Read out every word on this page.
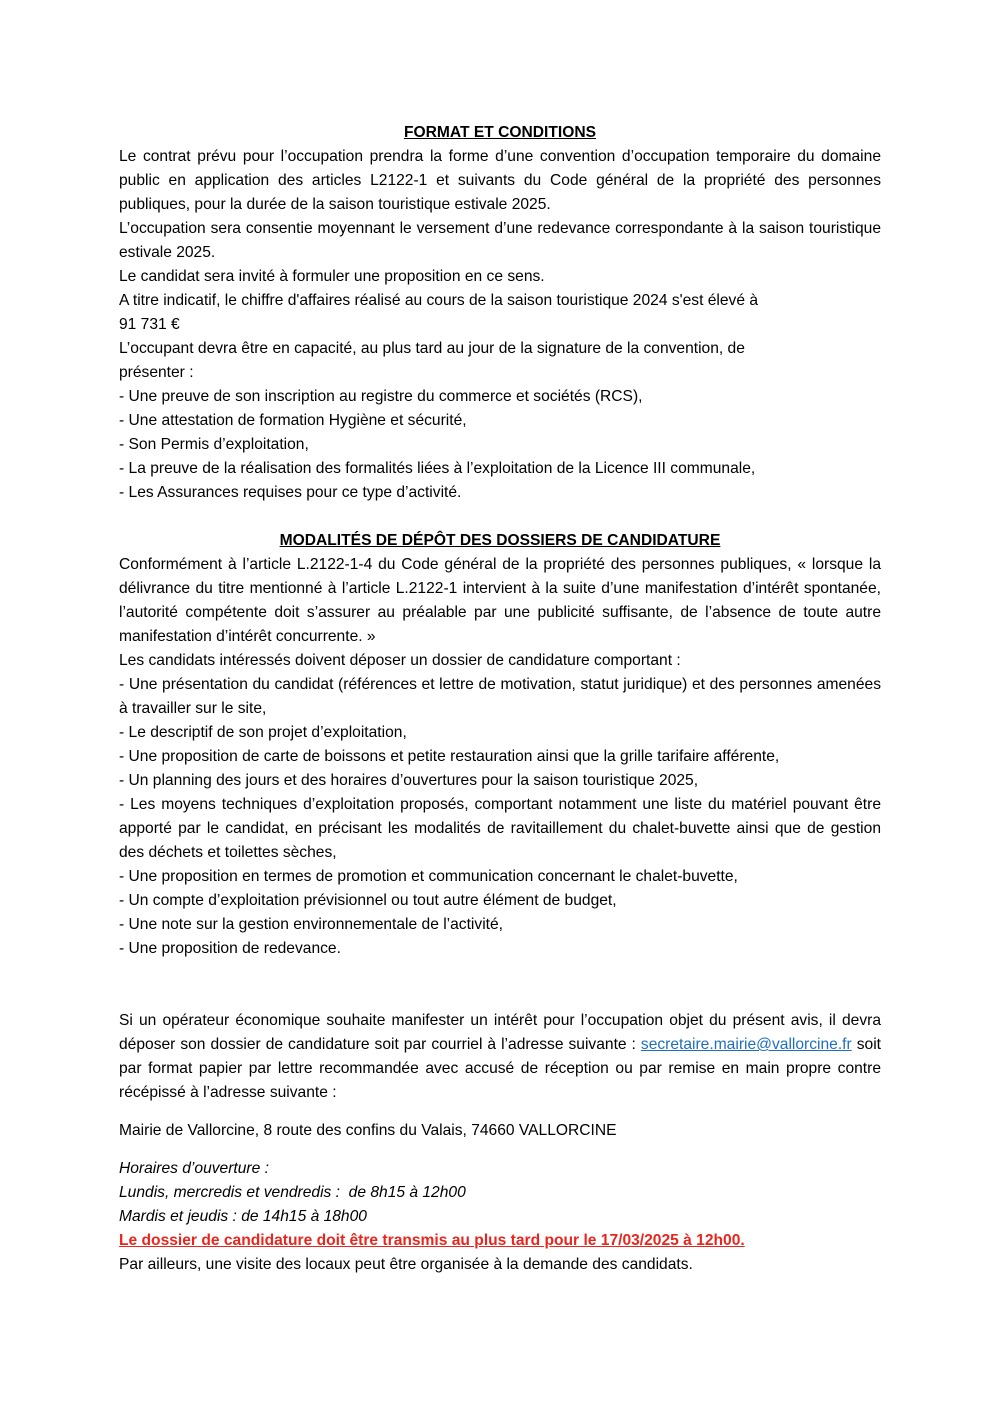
FORMAT ET CONDITIONS

Le contrat prévu pour l’occupation prendra la forme d’une convention d’occupation temporaire du domaine public en application des articles L2122-1 et suivants du Code général de la propriété des personnes publiques, pour la durée de la saison touristique estivale 2025.

L’occupation sera consentie moyennant le versement d’une redevance correspondante à la saison touristique estivale 2025.

Le candidat sera invité à formuler une proposition en ce sens.

A titre indicatif, le chiffre d'affaires réalisé au cours de la saison touristique 2024 s'est élevé à

91 731 €

L’occupant devra être en capacité, au plus tard au jour de la signature de la convention, de

présenter :

- Une preuve de son inscription au registre du commerce et sociétés (RCS),
- Une attestation de formation Hygiène et sécurité,
- Son Permis d’exploitation,
- La preuve de la réalisation des formalités liées à l’exploitation de la Licence III communale,
- Les Assurances requises pour ce type d’activité.

MODALITÉS DE DÉPÔT DES DOSSIERS DE CANDIDATURE

Conformément à l’article L.2122-1-4 du Code général de la propriété des personnes publiques, « lorsque la délivrance du titre mentionné à l’article L.2122-1 intervient à la suite d’une manifestation d’intérêt spontanée, l’autorité compétente doit s’assurer au préalable par une publicité suffisante, de l’absence de toute autre manifestation d’intérêt concurrente. »

Les candidats intéressés doivent déposer un dossier de candidature comportant :

- Une présentation du candidat (références et lettre de motivation, statut juridique) et des personnes amenées à travailler sur le site,
- Le descriptif de son projet d’exploitation,
- Une proposition de carte de boissons et petite restauration ainsi que la grille tarifaire afférente,
- Un planning des jours et des horaires d’ouvertures pour la saison touristique 2025,
- Les moyens techniques d’exploitation proposés, comportant notamment une liste du matériel pouvant être apporté par le candidat, en précisant les modalités de ravitaillement du chalet-buvette ainsi que de gestion des déchets et toilettes sèches,
- Une proposition en termes de promotion et communication concernant le chalet-buvette,
- Un compte d’exploitation prévisionnel ou tout autre élément de budget,
- Une note sur la gestion environnementale de l’activité,
- Une proposition de redevance.

Si un opérateur économique souhaite manifester un intérêt pour l’occupation objet du présent avis, il devra déposer son dossier de candidature soit par courriel à l’adresse suivante : secretaire.mairie@vallorcine.fr soit par format papier par lettre recommandée avec accusé de réception ou par remise en main propre contre récépissé à l’adresse suivante :

Mairie de Vallorcine, 8 route des confins du Valais, 74660 VALLORCINE

Horaires d’ouverture :

Lundis, mercredis et vendredis :  de 8h15 à 12h00

Mardis et jeudis : de 14h15 à 18h00

Le dossier de candidature doit être transmis au plus tard pour le 17/03/2025 à 12h00.

Par ailleurs, une visite des locaux peut être organisée à la demande des candidats.
